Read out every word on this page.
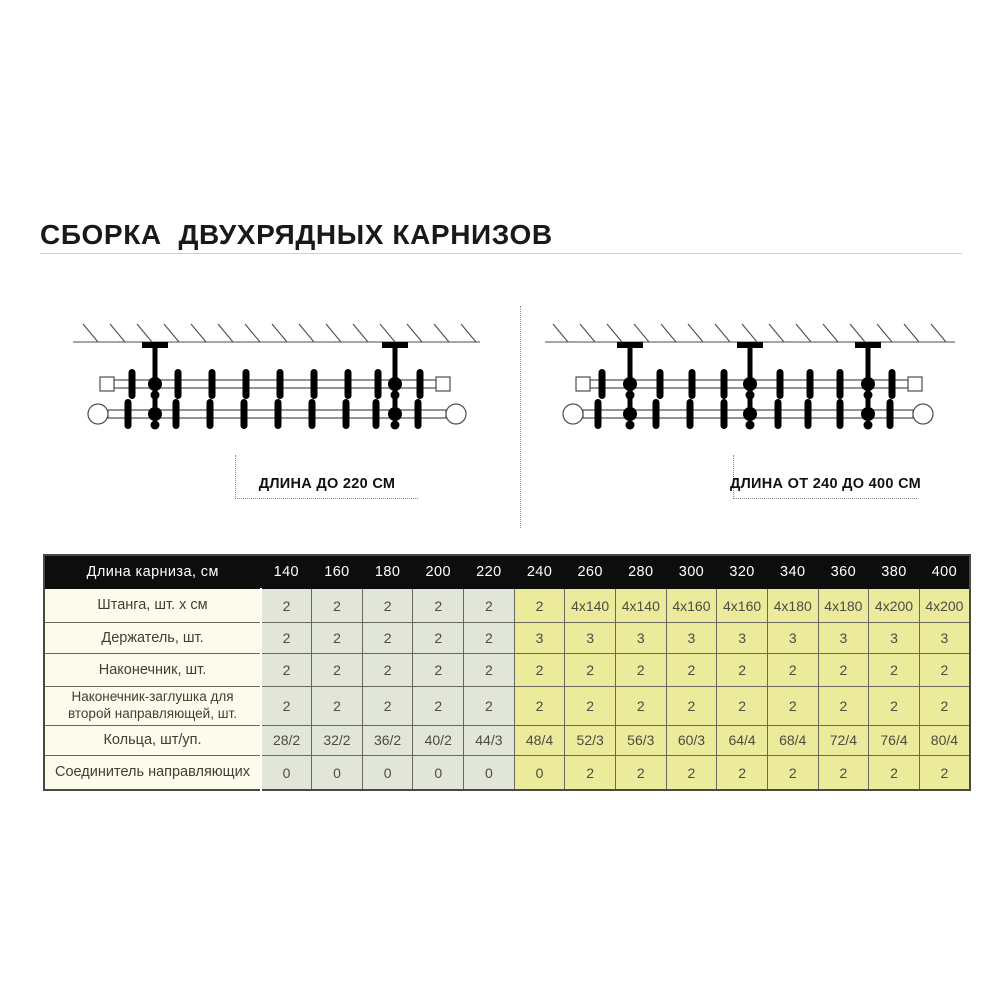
СБОРКА  ДВУХРЯДНЫХ КАРНИЗОВ
ДЛИНА ДО 220 СМ	ДЛИНА ОТ 240 ДО 400 СМ
Длина карниза, см	140	160	180	200	220	240	260	280	300	320	340	360	380	400
Штанга, шт. х см	2	2	2	2	2	2	4x140	4x140	4x160	4x160	4x180	4x180	4x200	4x200
Держатель, шт.	2	2	2	2	2	3	3	3	3	3	3	3	3	3
Наконечник, шт.	2	2	2	2	2	2	2	2	2	2	2	2	2	2
Наконечник-заглушка для второй направляющей, шт.	2	2	2	2	2	2	2	2	2	2	2	2	2	2
Кольца, шт/уп.	28/2	32/2	36/2	40/2	44/3	48/4	52/3	56/3	60/3	64/4	68/4	72/4	76/4	80/4
Соединитель направляющих	0	0	0	0	0	0	2	2	2	2	2	2	2	2
